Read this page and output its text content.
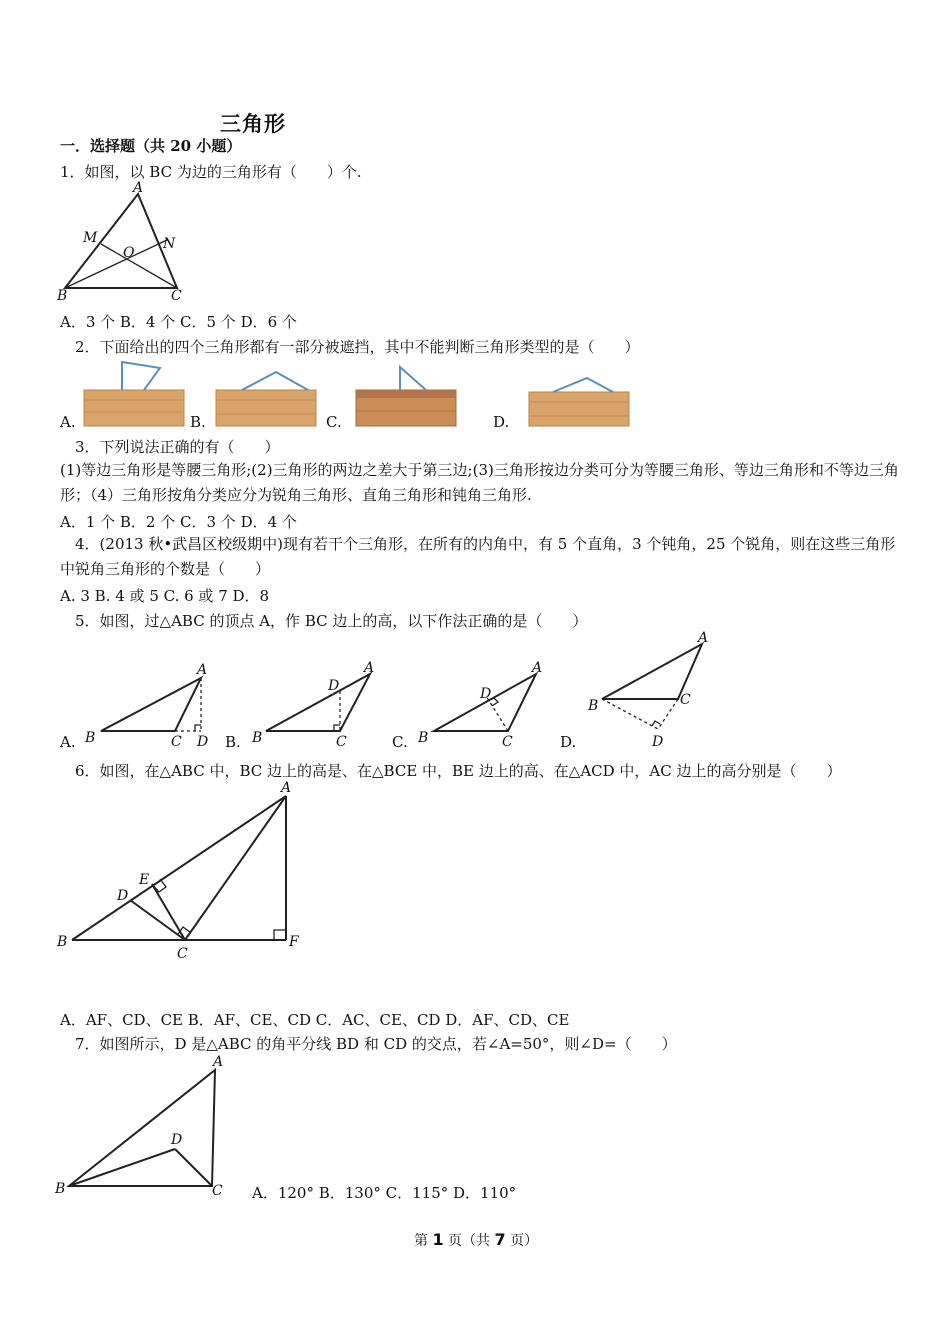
三角形
一．选择题（共 20 小题）
1．如图，以 BC 为边的三角形有（　　）个.
A
M
O
N
B	C
A．3 个 B．4 个 C．5 个 D．6 个
2．下面给出的四个三角形都有一部分被遮挡，其中不能判断三角形类型的是（　　）
A.	B.	C.	D.
3．下列说法正确的有（　　）
(1)等边三角形是等腰三角形;(2)三角形的两边之差大于第三边;(3)三角形按边分类可分为等腰三角形、等边三角形和不等边三角形；（4）三角形按角分类应分为锐角三角形、直角三角形和钝角三角形.
A．1 个 B．2 个 C．3 个 D．4 个
4．(2013 秋•武昌区校级期中)现有若干个三角形，在所有的内角中，有 5 个直角，3 个钝角，25 个锐角，则在这些三角形中锐角三角形的个数是（　　）
A. 3 B. 4 或 5 C. 6 或 7 D．8
5．如图，过△ABC 的顶点 A，作 BC 边上的高，以下作法正确的是（　　）
A.
A
B	C D B.
A
B	C
D
C.
A
B	C
D
D.
A
B	C
D
6．如图，在△ABC 中，BC 边上的高是、在△BCE 中，BE 边上的高、在△ACD 中，AC 边上的高分别是（　　）
A
E
D
B
C
F
A．AF、CD、CE B．AF、CE、CD C．AC、CE、CD D．AF、CD、CE
7．如图所示，D 是△ABC 的角平分线 BD 和 CD 的交点，若∠A=50°，则∠D=（　　）
A
D
B	C A．120° B．130° C．115° D．110°
第 1 页（共 7 页）
